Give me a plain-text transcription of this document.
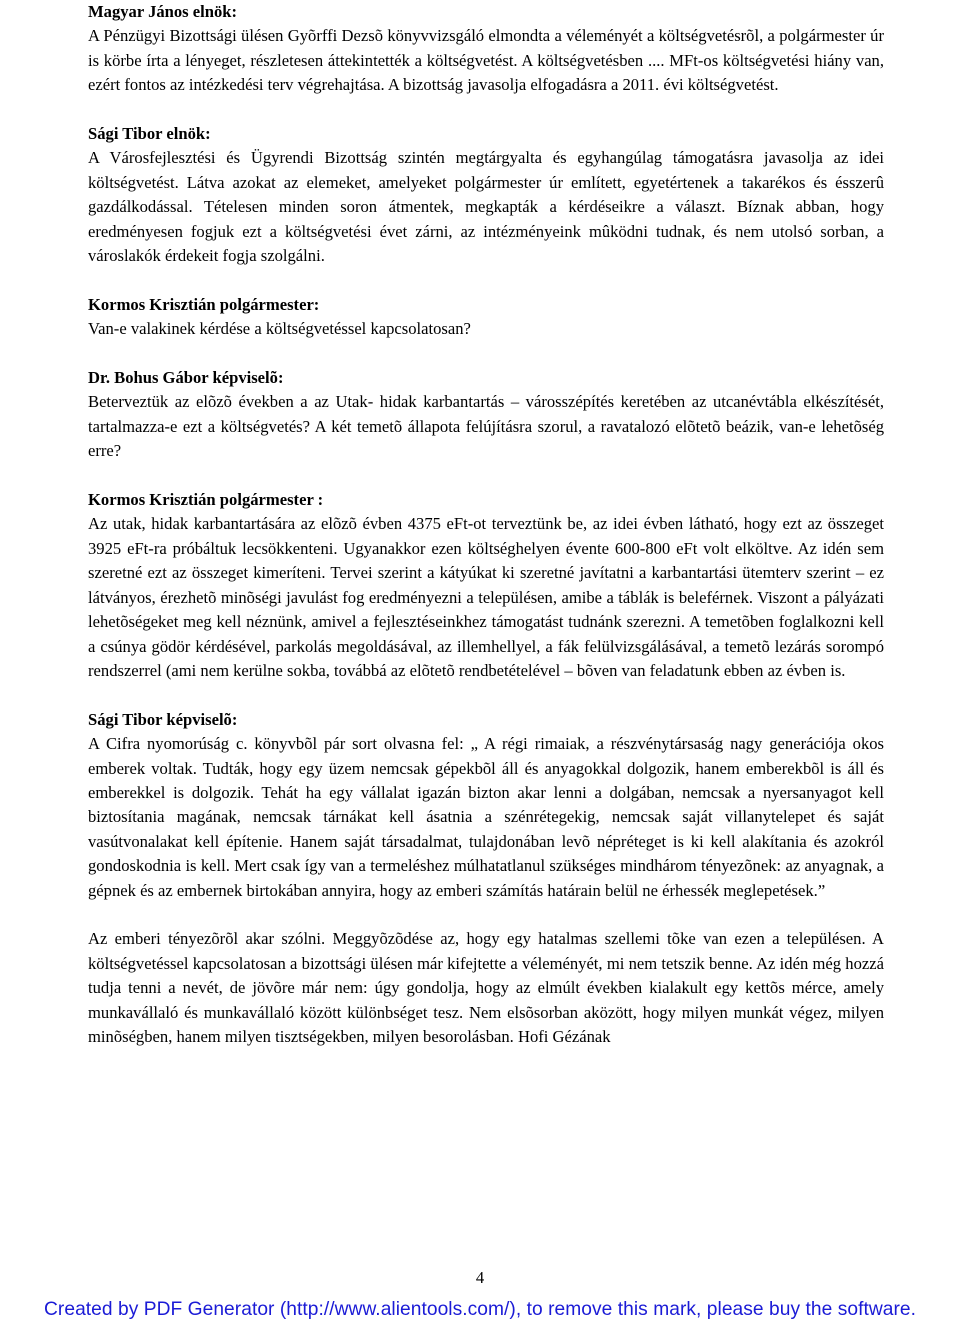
Magyar János elnök:

A Pénzügyi Bizottsági ülésen Gyõrffi Dezsõ könyvvizsgáló elmondta a véleményét a költségvetésrõl, a polgármester úr is körbe írta a lényeget, részletesen áttekintették a költségvetést. A költségvetésben .... MFt-os költségvetési hiány van, ezért fontos az intézkedési terv végrehajtása. A bizottság javasolja elfogadásra a 2011. évi költségvetést.

Sági Tibor elnök:

A Városfejlesztési és Ügyrendi Bizottság szintén megtárgyalta és egyhangúlag támogatásra javasolja az idei költségvetést. Látva azokat az elemeket, amelyeket polgármester úr említett, egyetértenek a takarékos és ésszerû gazdálkodással. Tételesen minden soron átmentek, megkapták a kérdéseikre a választ. Bíznak abban, hogy eredményesen fogjuk ezt a költségvetési évet zárni, az intézményeink mûködni tudnak, és nem utolsó sorban, a városlakók érdekeit fogja szolgálni.

Kormos Krisztián polgármester:

Van-e valakinek kérdése a költségvetéssel kapcsolatosan?

Dr. Bohus Gábor képviselõ:

Beterveztük az elõzõ években a az Utak- hidak karbantartás – városszépítés keretében az utcanévtábla elkészítését, tartalmazza-e ezt a költségvetés? A két temetõ állapota felújításra szorul, a ravatalozó elõtetõ beázik, van-e lehetõség erre?

Kormos Krisztián polgármester :

Az utak, hidak karbantartására az elõzõ évben 4375 eFt-ot terveztünk be, az idei évben látható, hogy ezt az összeget 3925 eFt-ra próbáltuk lecsökkenteni. Ugyanakkor ezen költséghelyen évente 600-800 eFt volt elköltve. Az idén sem szeretné ezt az összeget kimeríteni. Tervei szerint a kátyúkat ki szeretné javítatni a karbantartási ütemterv szerint – ez látványos, érezhetõ minõségi javulást fog eredményezni a településen, amibe a táblák is beleférnek. Viszont a pályázati lehetõségeket meg kell néznünk, amivel a fejlesztéseinkhez támogatást tudnánk szerezni. A temetõben foglalkozni kell a csúnya gödör kérdésével, parkolás megoldásával, az illemhellyel, a fák felülvizsgálásával, a temetõ lezárás sorompó rendszerrel (ami nem kerülne sokba, továbbá az elõtetõ rendbetételével – bõven van feladatunk ebben az évben is.

Sági Tibor képviselõ:

A Cifra nyomorúság c. könyvbõl pár sort olvasna fel: „ A régi rimaiak, a részvénytársaság nagy generációja okos emberek voltak. Tudták, hogy egy üzem nemcsak gépekbõl áll és anyagokkal dolgozik, hanem emberekbõl is áll és emberekkel is dolgozik. Tehát ha egy vállalat igazán bizton akar lenni a dolgában, nemcsak a nyersanyagot kell biztosítania magának, nemcsak tárnákat kell ásatnia a szénrétegekig, nemcsak saját villanytelepet és saját vasútvonalakat kell építenie. Hanem saját társadalmat, tulajdonában levõ népréteget is ki kell alakítania és azokról gondoskodnia is kell. Mert csak így van a termeléshez múlhatatlanul szükséges mindhárom tényezõnek: az anyagnak, a gépnek és az embernek birtokában annyira, hogy az emberi számítás határain belül ne érhessék meglepetések.”

Az emberi tényezõrõl akar szólni. Meggyõzõdése az, hogy egy hatalmas szellemi tõke van ezen a településen. A költségvetéssel kapcsolatosan a bizottsági ülésen már kifejtette a véleményét, mi nem tetszik benne. Az idén még hozzá tudja tenni a nevét, de jövõre már nem: úgy gondolja, hogy az elmúlt években kialakult egy kettõs mérce, amely munkavállaló és munkavállaló között különbséget tesz. Nem elsõsorban aközött, hogy milyen munkát végez, milyen minõségben, hanem milyen tisztségekben, milyen besorolásban. Hofi Gézának

4
Created by PDF Generator (http://www.alientools.com/), to remove this mark, please buy the software.
